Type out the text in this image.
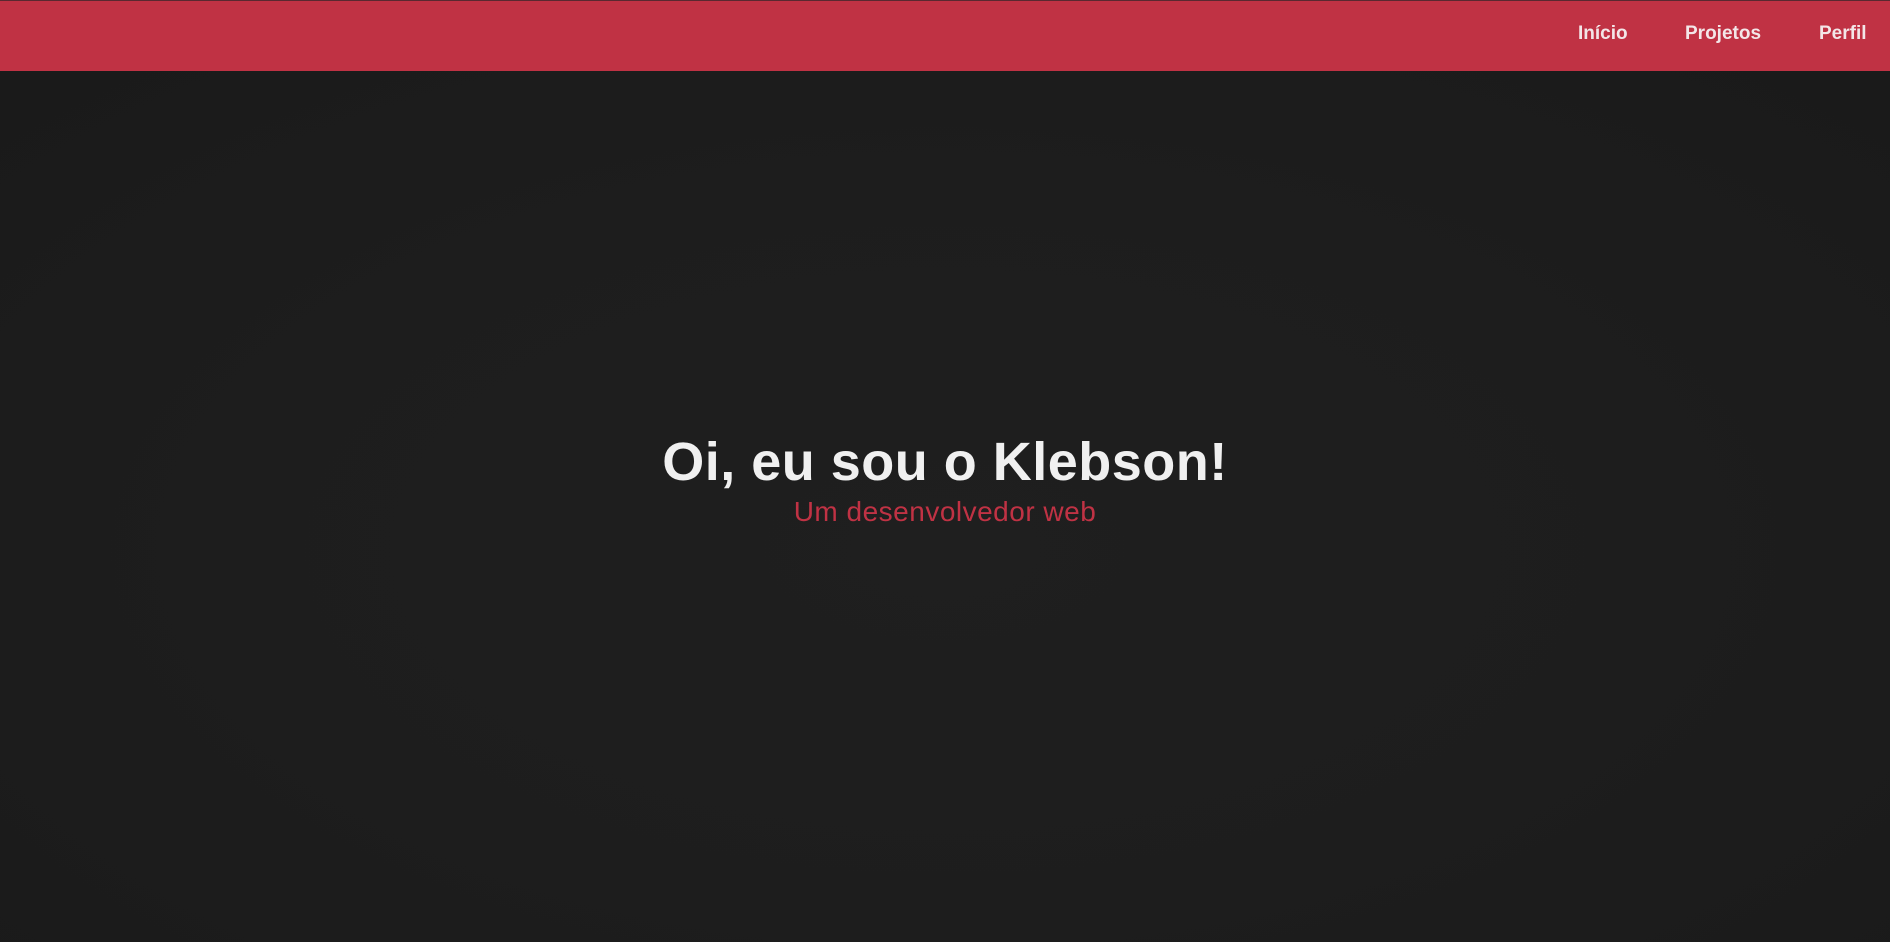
Início	Projetos	Perfil
Oi, eu sou o Klebson!

Um desenvolvedor web
